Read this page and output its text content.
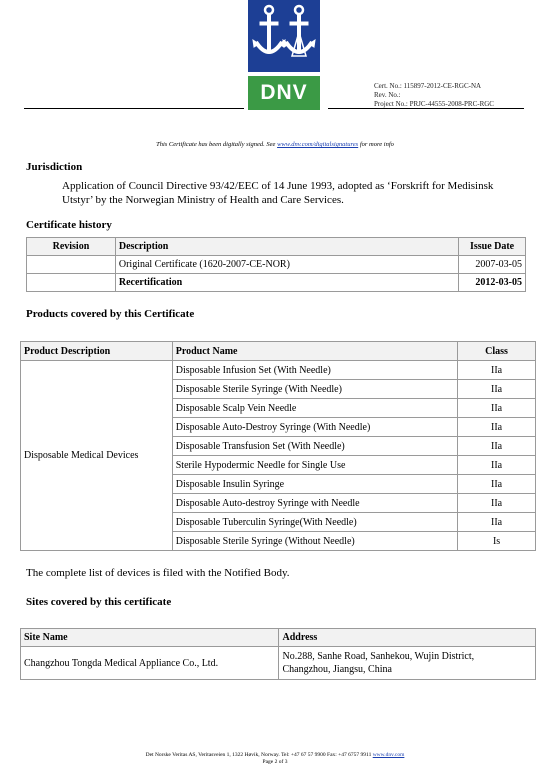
DNV	Cert. No.: 115897-2012-CE-RGC-NA
Rev. No.:
Project No.: PRJC-44555-2008-PRC-RGC
This Certificate has been digitally signed. See www.dnv.com/digitalsignatures for more info
Jurisdiction
Application of Council Directive 93/42/EEC of 14 June 1993, adopted as ‘Forskrift for Medisinsk Utstyr’ by the Norwegian Ministry of Health and Care Services.
Certificate history
Revision	Description	Issue Date
	Original Certificate (1620-2007-CE-NOR)	2007-03-05
	Recertification	2012-03-05
Products covered by this Certificate
Product Description	Product Name	Class
Disposable Medical Devices	Disposable Infusion Set (With Needle)	IIa
	Disposable Sterile Syringe (With Needle)	IIa
	Disposable Scalp Vein Needle	IIa
	Disposable Auto-Destroy Syringe (With Needle)	IIa
	Disposable Transfusion Set (With Needle)	IIa
	Sterile Hypodermic Needle for Single Use	IIa
	Disposable Insulin Syringe	IIa
	Disposable Auto-destroy Syringe with Needle	IIa
	Disposable Tuberculin Syringe(With Needle)	IIa
	Disposable Sterile Syringe (Without Needle)	Is
The complete list of devices is filed with the Notified Body.
Sites covered by this certificate
Site Name	Address
Changzhou Tongda Medical Appliance Co., Ltd.	No.288, Sanhe Road, Sanhekou, Wujin District,
Changzhou, Jiangsu, China
Det Norske Veritas AS, Veritasveien 1, 1322 Høvik, Norway. Tel: +47 67 57 9900 Fax: +47 6757 9911 www.dnv.com
Page 2 of 3
